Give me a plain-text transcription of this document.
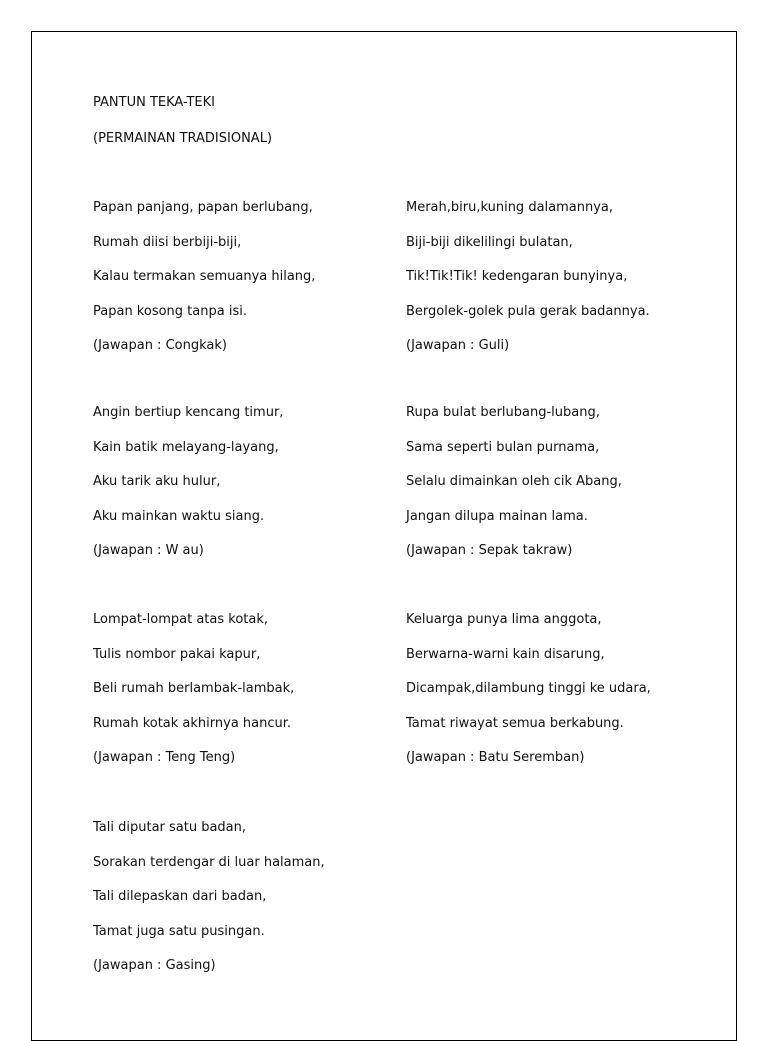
PANTUN TEKA-TEKI
(PERMAINAN TRADISIONAL)
Papan panjang, papan berlubang,
Rumah diisi berbiji-biji,
Kalau termakan semuanya hilang,
Papan kosong tanpa isi.
(Jawapan : Congkak)
Merah,biru,kuning dalamannya,
Biji-biji dikelilingi bulatan,
Tik!Tik!Tik! kedengaran bunyinya,
Bergolek-golek pula gerak badannya.
(Jawapan : Guli)
Angin bertiup kencang timur,
Kain batik melayang-layang,
Aku tarik aku hulur,
Aku mainkan waktu siang.
(Jawapan : W au)
Rupa bulat berlubang-lubang,
Sama seperti bulan purnama,
Selalu dimainkan oleh cik Abang,
Jangan dilupa mainan lama.
(Jawapan : Sepak takraw)
Lompat-lompat atas kotak,
Tulis nombor pakai kapur,
Beli rumah berlambak-lambak,
Rumah kotak akhirnya hancur.
(Jawapan : Teng Teng)
Keluarga punya lima anggota,
Berwarna-warni kain disarung,
Dicampak,dilambung tinggi ke udara,
Tamat riwayat semua berkabung.
(Jawapan : Batu Seremban)
Tali diputar satu badan,
Sorakan terdengar di luar halaman,
Tali dilepaskan dari badan,
Tamat juga satu pusingan.
(Jawapan : Gasing)
